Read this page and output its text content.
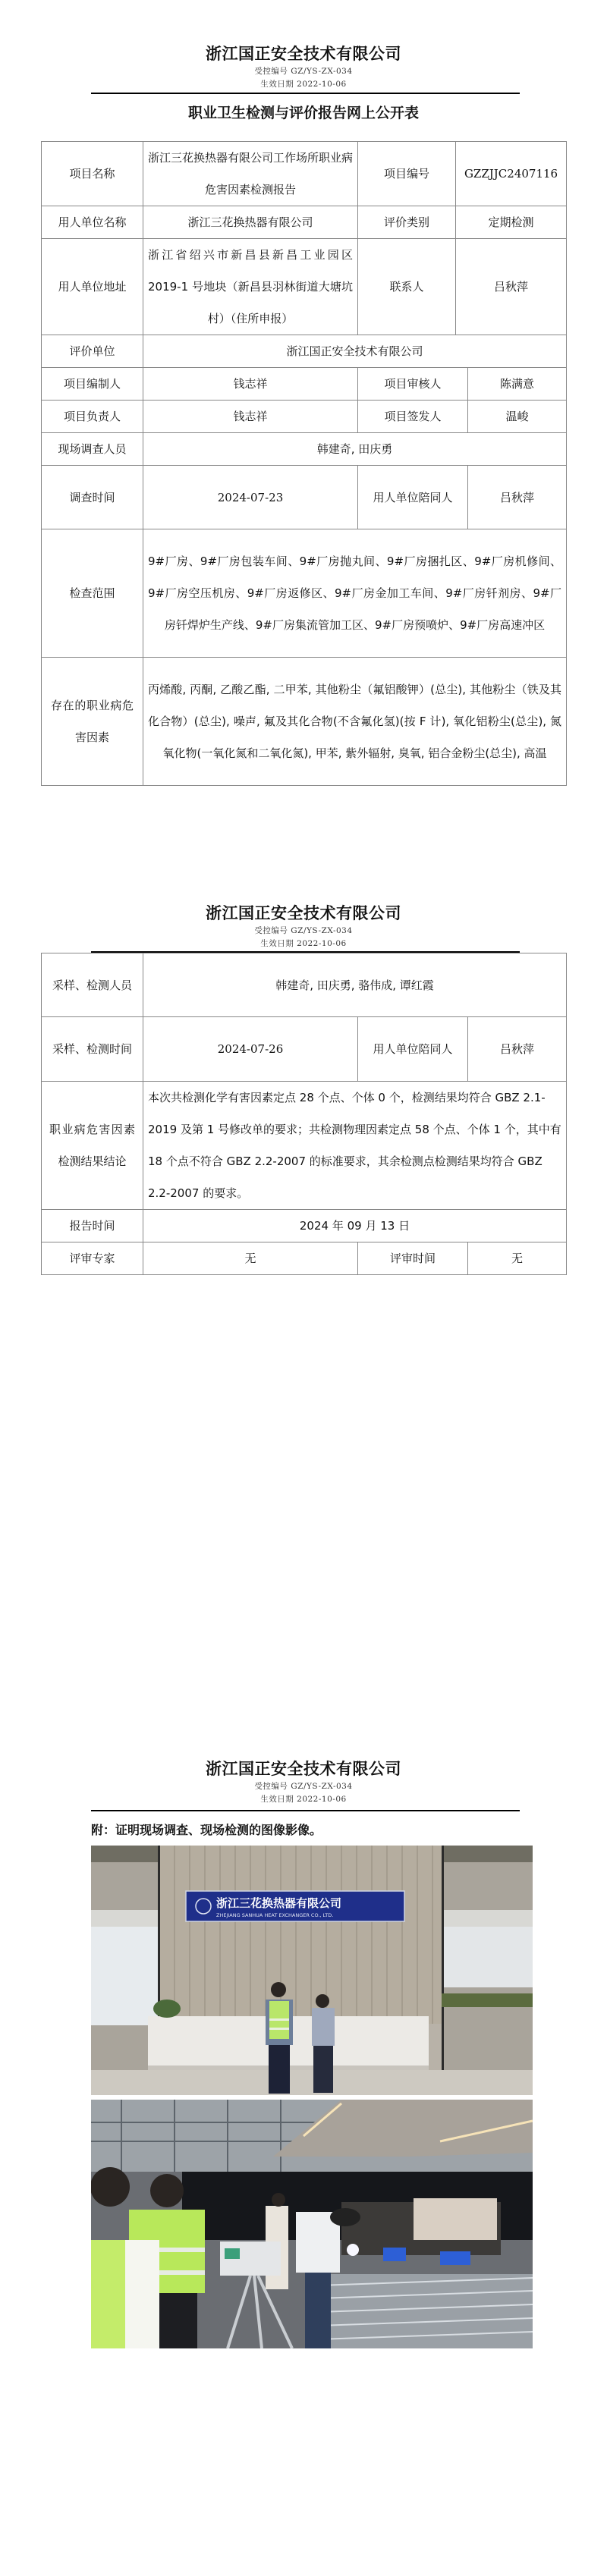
浙江国正安全技术有限公司
受控编号 GZ/YS-ZX-034
生效日期 2022-10-06
职业卫生检测与评价报告网上公开表
项目名称	浙江三花换热器有限公司工作场所职业病危害因素检测报告	项目编号	GZZJJC2407116	
用人单位名称	浙江三花换热器有限公司	评价类别	定期检测	
用人单位地址	浙江省绍兴市新昌县新昌工业园区 2019-1 号地块（新昌县羽林街道大塘坑村）（住所申报）	联系人	吕秋萍	
评价单位	浙江国正安全技术有限公司			
项目编制人	钱志祥	项目审核人		陈满意
项目负责人	钱志祥	项目签发人		温峻
现场调查人员	韩建奇, 田庆勇			
调查时间	2024-07-23	用人单位陪同人		吕秋萍
检查范围	9#厂房、9#厂房包装车间、9#厂房抛丸间、9#厂房捆扎区、9#厂房机修间、9#厂房空压机房、9#厂房返修区、9#厂房金加工车间、9#厂房钎剂房、9#厂房钎焊炉生产线、9#厂房集流管加工区、9#厂房预喷炉、9#厂房高速冲区			
存在的职业病危害因素	丙烯酸, 丙酮, 乙酸乙酯, 二甲苯, 其他粉尘（氟铝酸钾）(总尘), 其他粉尘（铁及其化合物）(总尘), 噪声, 氟及其化合物(不含氟化氢)(按 F 计), 氧化铝粉尘(总尘), 氮氧化物(一氧化氮和二氧化氮), 甲苯, 紫外辐射, 臭氧, 铝合金粉尘(总尘), 高温			
浙江国正安全技术有限公司
受控编号 GZ/YS-ZX-034
生效日期 2022-10-06
采样、检测人员	韩建奇, 田庆勇, 骆伟成, 谭红霞		
采样、检测时间	2024-07-26	用人单位陪同人	吕秋萍
职业病危害因素检测结果结论	本次共检测化学有害因素定点 28 个点、个体 0 个，检测结果均符合 GBZ 2.1-2019 及第 1 号修改单的要求；共检测物理因素定点 58 个点、个体 1 个，其中有 18 个点不符合 GBZ 2.2-2007 的标准要求，其余检测点检测结果均符合 GBZ 2.2-2007 的要求。		
报告时间	2024 年 09 月 13 日		
评审专家	无	评审时间	无
浙江国正安全技术有限公司
受控编号 GZ/YS-ZX-034
生效日期 2022-10-06
附：证明现场调查、现场检测的图像影像。
浙江三花换热器有限公司
ZHEJIANG SANHUA HEAT EXCHANGER CO., LTD.
